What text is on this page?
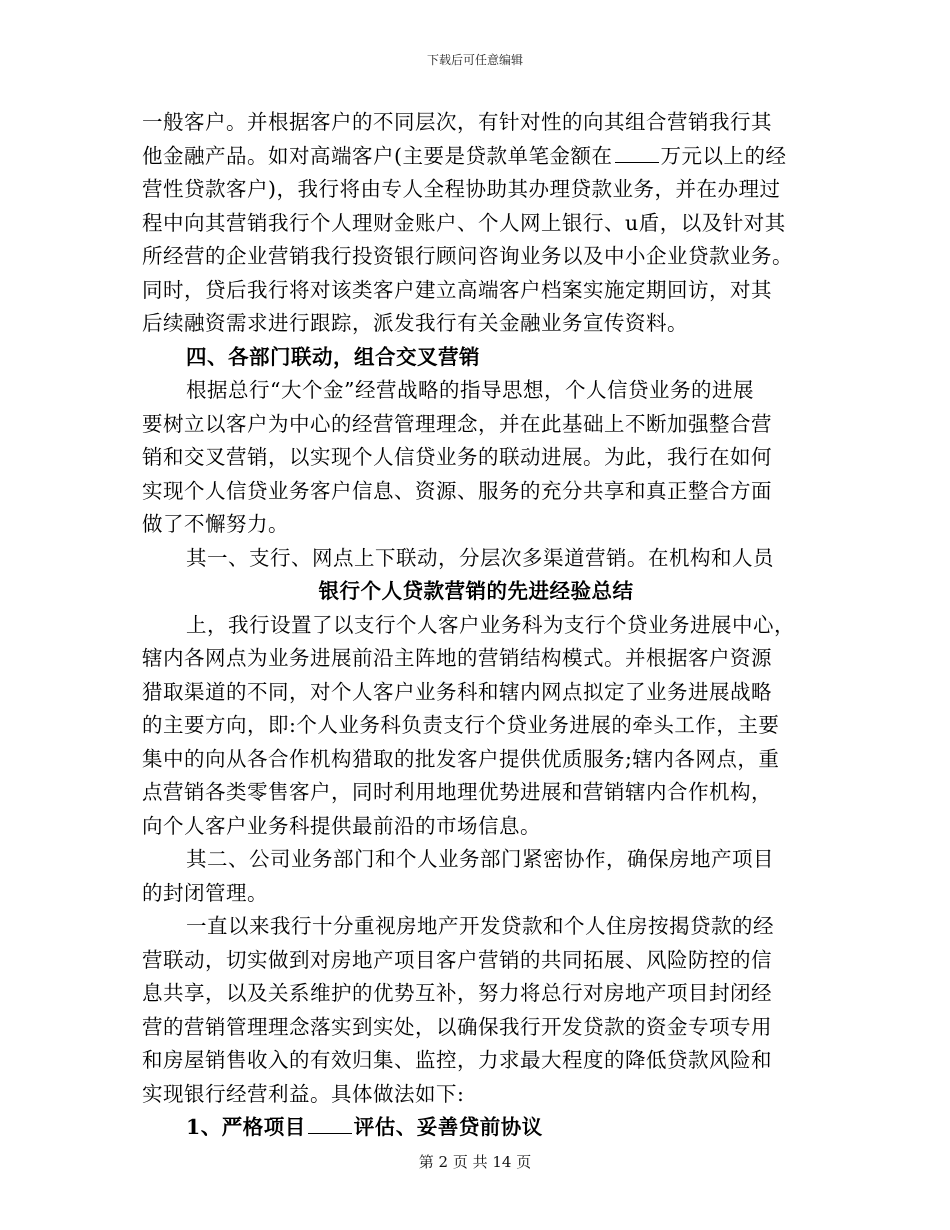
下载后可任意编辑
一般客户。并根据客户的不同层次，有针对性的向其组合营销我行其
他金融产品。如对高端客户(主要是贷款单笔金额在 万元以上的经
营性贷款客户)，我行将由专人全程协助其办理贷款业务，并在办理过
程中向其营销我行个人理财金账户、个人网上银行、u盾，以及针对其
所经营的企业营销我行投资银行顾问咨询业务以及中小企业贷款业务。
同时，贷后我行将对该类客户建立高端客户档案实施定期回访，对其
后续融资需求进行跟踪，派发我行有关金融业务宣传资料。
四、各部门联动，组合交叉营销
根据总行“大个金”经营战略的指导思想，个人信贷业务的进展
要树立以客户为中心的经营管理理念，并在此基础上不断加强整合营
销和交叉营销，以实现个人信贷业务的联动进展。为此，我行在如何
实现个人信贷业务客户信息、资源、服务的充分共享和真正整合方面
做了不懈努力。
其一、支行、网点上下联动，分层次多渠道营销。在机构和人员
银行个人贷款营销的先进经验总结
上，我行设置了以支行个人客户业务科为支行个贷业务进展中心，
辖内各网点为业务进展前沿主阵地的营销结构模式。并根据客户资源
猎取渠道的不同，对个人客户业务科和辖内网点拟定了业务进展战略
的主要方向，即:个人业务科负责支行个贷业务进展的牵头工作，主要
集中的向从各合作机构猎取的批发客户提供优质服务;辖内各网点，重
点营销各类零售客户，同时利用地理优势进展和营销辖内合作机构，
向个人客户业务科提供最前沿的市场信息。
其二、公司业务部门和个人业务部门紧密协作，确保房地产项目
的封闭管理。
一直以来我行十分重视房地产开发贷款和个人住房按揭贷款的经
营联动，切实做到对房地产项目客户营销的共同拓展、风险防控的信
息共享，以及关系维护的优势互补，努力将总行对房地产项目封闭经
营的营销管理理念落实到实处，以确保我行开发贷款的资金专项专用
和房屋销售收入的有效归集、监控，力求最大程度的降低贷款风险和
实现银行经营利益。具体做法如下:
1、严格项目 评估、妥善贷前协议
第 2 页 共 14 页
